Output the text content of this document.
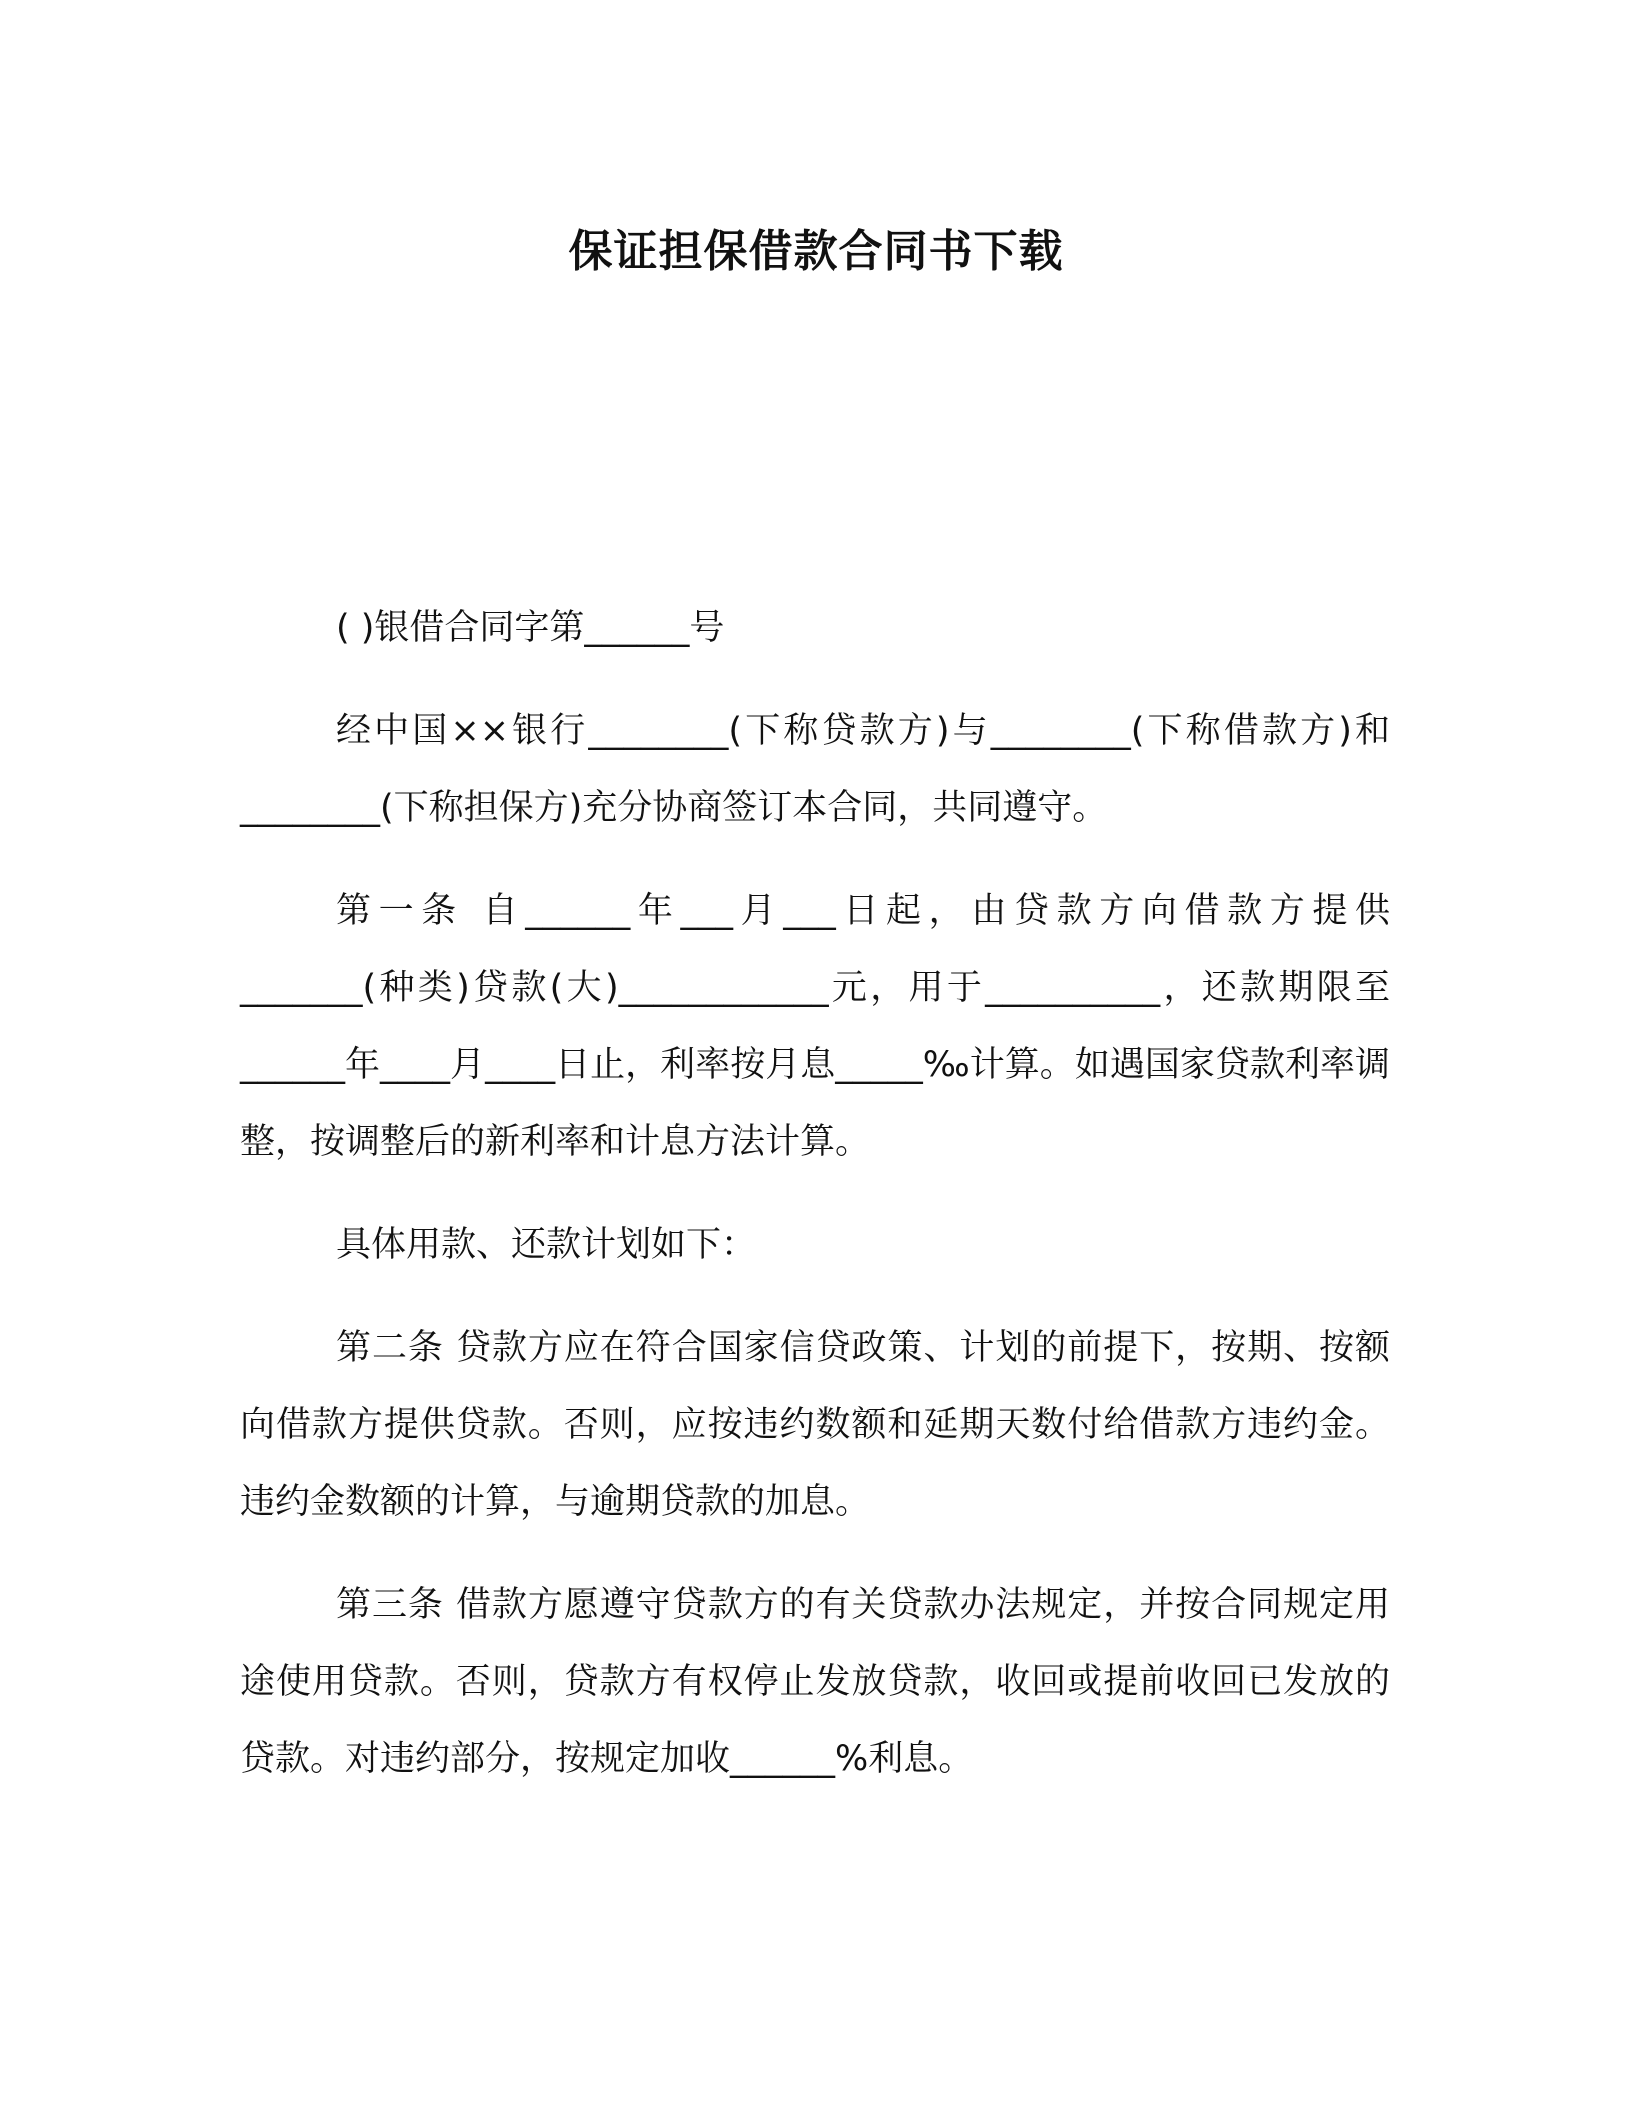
保证担保借款合同书下载

( )银借合同字第______号

经中国××银行________(下称贷款方)与________(下称借款方)和________(下称担保方)充分协商签订本合同，共同遵守。

第一条 自______年___月___日起，由贷款方向借款方提供_______(种类)贷款(大)____________元，用于__________，还款期限至______年____月____日止，利率按月息_____‰计算。如遇国家贷款利率调整，按调整后的新利率和计息方法计算。

具体用款、还款计划如下：

第二条 贷款方应在符合国家信贷政策、计划的前提下，按期、按额向借款方提供贷款。否则，应按违约数额和延期天数付给借款方违约金。违约金数额的计算，与逾期贷款的加息。

第三条 借款方愿遵守贷款方的有关贷款办法规定，并按合同规定用途使用贷款。否则，贷款方有权停止发放贷款，收回或提前收回已发放的贷款。对违约部分，按规定加收______%利息。
